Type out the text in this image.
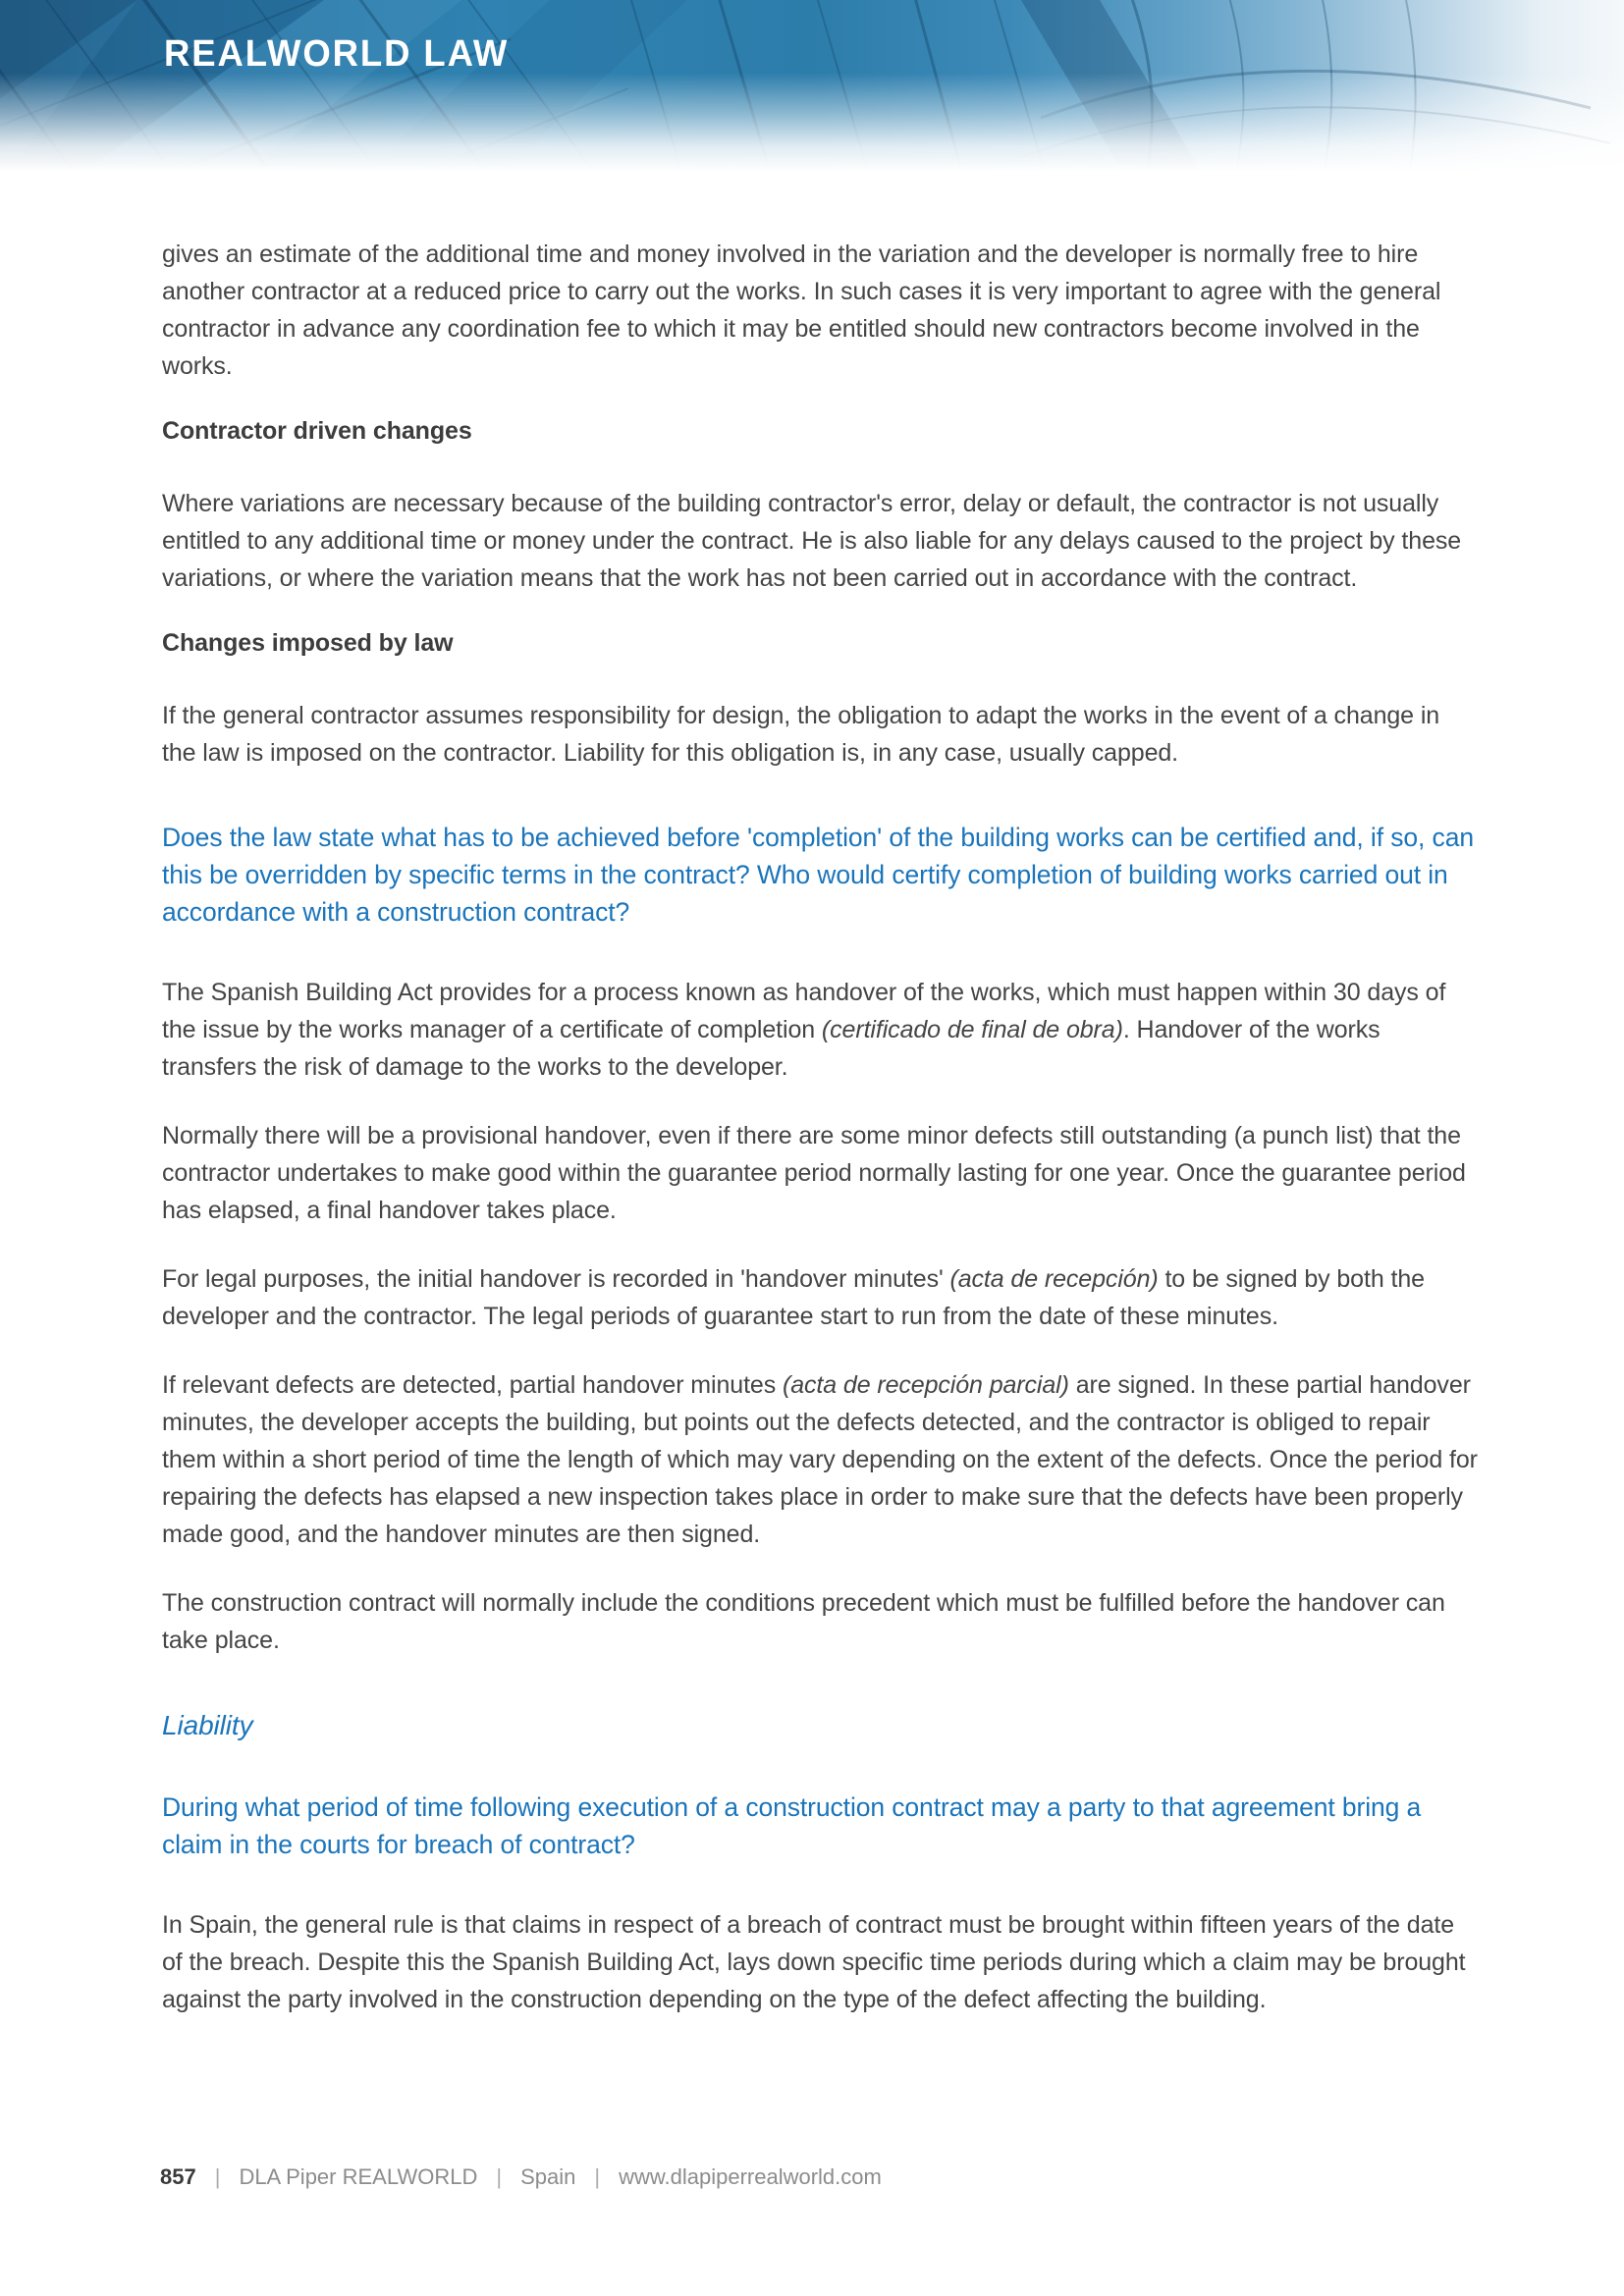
REALWORLD LAW

gives an estimate of the additional time and money involved in the variation and the developer is normally free to hire another contractor at a reduced price to carry out the works. In such cases it is very important to agree with the general contractor in advance any coordination fee to which it may be entitled should new contractors become involved in the works.

Contractor driven changes

Where variations are necessary because of the building contractor's error, delay or default, the contractor is not usually entitled to any additional time or money under the contract. He is also liable for any delays caused to the project by these variations, or where the variation means that the work has not been carried out in accordance with the contract.

Changes imposed by law

If the general contractor assumes responsibility for design, the obligation to adapt the works in the event of a change in the law is imposed on the contractor. Liability for this obligation is, in any case, usually capped.

Does the law state what has to be achieved before 'completion' of the building works can be certified and, if so, can this be overridden by specific terms in the contract? Who would certify completion of building works carried out in accordance with a construction contract?

The Spanish Building Act provides for a process known as handover of the works, which must happen within 30 days of the issue by the works manager of a certificate of completion (certificado de final de obra). Handover of the works transfers the risk of damage to the works to the developer.

Normally there will be a provisional handover, even if there are some minor defects still outstanding (a punch list) that the contractor undertakes to make good within the guarantee period normally lasting for one year. Once the guarantee period has elapsed, a final handover takes place.

For legal purposes, the initial handover is recorded in 'handover minutes' (acta de recepción) to be signed by both the developer and the contractor. The legal periods of guarantee start to run from the date of these minutes.

If relevant defects are detected, partial handover minutes (acta de recepción parcial) are signed. In these partial handover minutes, the developer accepts the building, but points out the defects detected, and the contractor is obliged to repair them within a short period of time the length of which may vary depending on the extent of the defects. Once the period for repairing the defects has elapsed a new inspection takes place in order to make sure that the defects have been properly made good, and the handover minutes are then signed.

The construction contract will normally include the conditions precedent which must be fulfilled before the handover can take place.

Liability
During what period of time following execution of a construction contract may a party to that agreement bring a claim in the courts for breach of contract?

In Spain, the general rule is that claims in respect of a breach of contract must be brought within fifteen years of the date of the breach. Despite this the Spanish Building Act, lays down specific time periods during which a claim may be brought against the party involved in the construction depending on the type of the defect affecting the building.

857 | DLA Piper REALWORLD | Spain | www.dlapiperrealworld.com
